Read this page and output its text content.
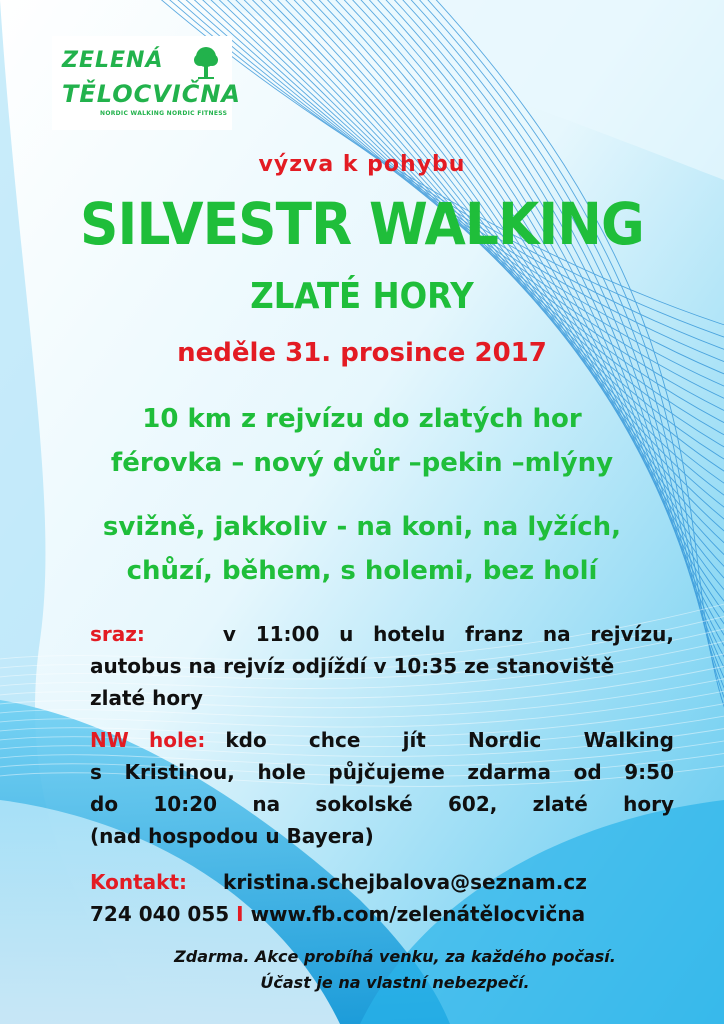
ZELENÁ
TĚLOCVIČNA
NORDIC WALKING NORDIC FITNESS
výzva k pohybu
SILVESTR WALKING
ZLATÉ HORY
neděle 31. prosince 2017
10 km z rejvízu do zlatých hor
férovka – nový dvůr –pekin –mlýny
svižně, jakkoliv - na koni, na lyžích,
chůzí, během, s holemi, bez holí
sraz:	v 11:00 u hotelu franz na rejvízu,
autobus na rejvíz odjíždí v 10:35 ze stanoviště
zlaté hory
NW hole: kdo chce jít Nordic Walking
s Kristinou, hole půjčujeme zdarma od 9:50
do 10:20 na sokolské 602, zlaté hory
(nad hospodou u Bayera)
Kontakt: kristina.schejbalova@seznam.cz
724 040 055 I www.fb.com/zelenátělocvična
Zdarma. Akce probíhá venku, za každého počasí.
Účast je na vlastní nebezpečí.
